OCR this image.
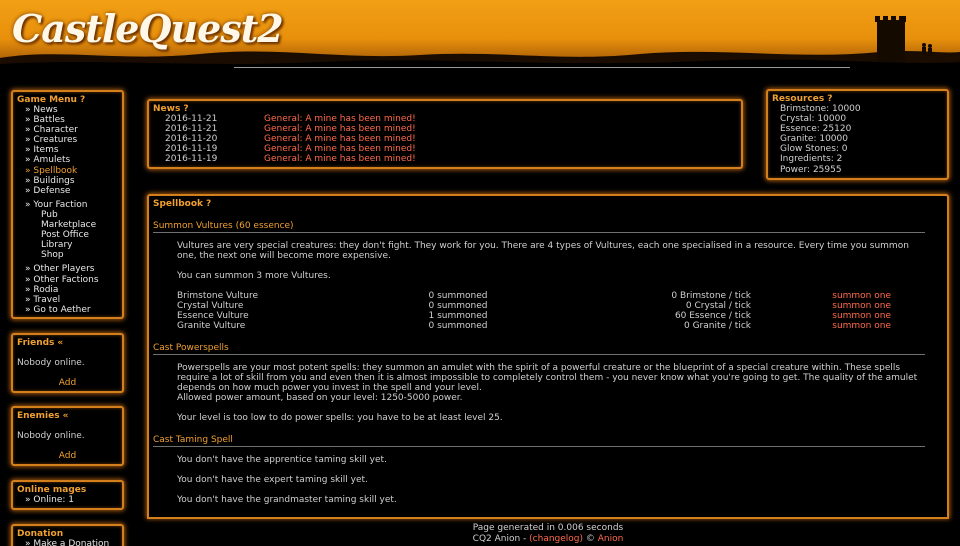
CastleQuest2
Game Menu ?
» News
» Battles
» Character
» Creatures
» Items
» Amulets
» Spellbook
» Buildings
» Defense
» Your Faction
Pub
Marketplace
Post Office
Library
Shop
» Other Players
» Other Factions
» Rodia
» Travel
» Go to Aether
Friends «
Nobody online.
Add
Enemies «
Nobody online.
Add
Online mages
» Online: 1
Donation
» Make a Donation
News ?
2016-11-21	General: A mine has been mined!
2016-11-21	General: A mine has been mined!
2016-11-20	General: A mine has been mined!
2016-11-19	General: A mine has been mined!
2016-11-19	General: A mine has been mined!
Resources ?
Brimstone: 10000
Crystal: 10000
Essence: 25120
Granite: 10000
Glow Stones: 0
Ingredients: 2
Power: 25955
Spellbook ?
Summon Vultures (60 essence)
Vultures are very special creatures: they don't fight. They work for you. There are 4 types of Vultures, each one specialised in a resource. Every time you summon one, the next one will become more expensive.
You can summon 3 more Vultures.
Brimstone Vulture	0 summoned	0 Brimstone / tick	summon one
Crystal Vulture	0 summoned	0 Crystal / tick	summon one
Essence Vulture	1 summoned	60 Essence / tick	summon one
Granite Vulture	0 summoned	0 Granite / tick	summon one
Cast Powerspells
Powerspells are your most potent spells: they summon an amulet with the spirit of a powerful creature or the blueprint of a special creature within. These spells require a lot of skill from you and even then it is almost impossible to completely control them - you never know what you're going to get. The quality of the amulet depends on how much power you invest in the spell and your level.
Allowed power amount, based on your level: 1250-5000 power.
Your level is too low to do power spells: you have to be at least level 25.
Cast Taming Spell
You don't have the apprentice taming skill yet.
You don't have the expert taming skill yet.
You don't have the grandmaster taming skill yet.
Page generated in 0.006 seconds
CQ2 Anion - (changelog) © Anion
